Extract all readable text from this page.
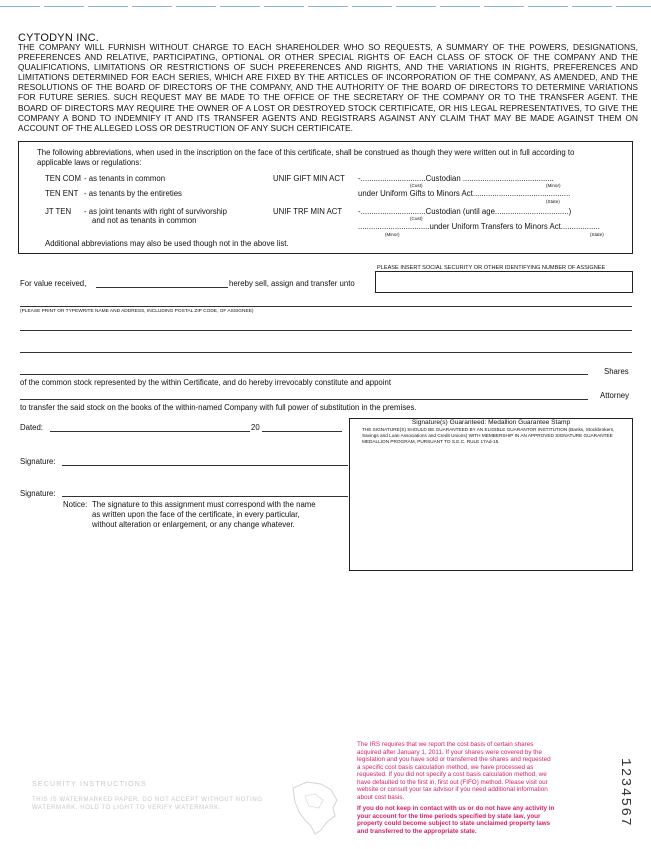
CYTODYN INC.
THE COMPANY WILL FURNISH WITHOUT CHARGE TO EACH SHAREHOLDER WHO SO REQUESTS, A SUMMARY OF THE POWERS, DESIGNATIONS, PREFERENCES AND RELATIVE, PARTICIPATING, OPTIONAL OR OTHER SPECIAL RIGHTS OF EACH CLASS OF STOCK OF THE COMPANY AND THE QUALIFICATIONS, LIMITATIONS OR RESTRICTIONS OF SUCH PREFERENCES AND RIGHTS, AND THE VARIATIONS IN RIGHTS, PREFERENCES AND LIMITATIONS DETERMINED FOR EACH SERIES, WHICH ARE FIXED BY THE ARTICLES OF INCORPORATION OF THE COMPANY, AS AMENDED, AND THE RESOLUTIONS OF THE BOARD OF DIRECTORS OF THE COMPANY, AND THE AUTHORITY OF THE BOARD OF DIRECTORS TO DETERMINE VARIATIONS FOR FUTURE SERIES. SUCH REQUEST MAY BE MADE TO THE OFFICE OF THE SECRETARY OF THE COMPANY OR TO THE TRANSFER AGENT. THE BOARD OF DIRECTORS MAY REQUIRE THE OWNER OF A LOST OR DESTROYED STOCK CERTIFICATE, OR HIS LEGAL REPRESENTATIVES, TO GIVE THE COMPANY A BOND TO INDEMNIFY IT AND ITS TRANSFER AGENTS AND REGISTRARS AGAINST ANY CLAIM THAT MAY BE MADE AGAINST THEM ON ACCOUNT OF THE ALLEGED LOSS OR DESTRUCTION OF ANY SUCH CERTIFICATE.
The following abbreviations, when used in the inscription on the face of this certificate, shall be construed as though they were written out in full according to applicable laws or regulations:
TEN COM - as tenants in common
TEN ENT - as tenants by the entireties
JT TEN - as joint tenants with right of survivorship
and not as tenants in common
UNIF GIFT MIN ACT -..............................Custodian ..........................................
(Cust)	(Minor)
under Uniform Gifts to Minors Act.............................................
(State)
UNIF TRF MIN ACT -..............................Custodian (until age..................................)
(Cust)
.................................under Uniform Transfers to Minors Act..................
(Minor)	(State)
Additional abbreviations may also be used though not in the above list.
PLEASE INSERT SOCIAL SECURITY OR OTHER IDENTIFYING NUMBER OF ASSIGNEE
For value received,	hereby sell, assign and transfer unto
(PLEASE PRINT OR TYPEWRITE NAME AND ADDRESS, INCLUDING POSTAL ZIP CODE, OF ASSIGNEE)
Shares
of the common stock represented by the within Certificate, and do hereby irrevocably constitute and appoint
Attorney
to transfer the said stock on the books of the within-named Company with full power of substitution in the premises.
Dated:	20
Signature:
Signature:
Notice: The signature to this assignment must correspond with the name
as written upon the face of the certificate, in every particular,
without alteration or enlargement, or any change whatever.
Signature(s) Guaranteed: Medallion Guarantee Stamp
THE SIGNATURE(S) SHOULD BE GUARANTEED BY AN ELIGIBLE GUARANTOR INSTITUTION (Banks, Stockbrokers, Savings and Loan Associations and Credit Unions) WITH MEMBERSHIP IN AN APPROVED SIGNATURE GUARANTEE MEDALLION PROGRAM, PURSUANT TO S.E.C. RULE 17Ad-15.
SECURITY INSTRUCTIONS
THIS IS WATERMARKED PAPER. DO NOT ACCEPT WITHOUT NOTING WATERMARK. HOLD TO LIGHT TO VERIFY WATERMARK.
The IRS requires that we report the cost basis of certain shares acquired after January 1, 2011. If your shares were covered by the legislation and you have sold or transferred the shares and requested a specific cost basis calculation method, we have processed as requested. If you did not specify a cost basis calculation method, we have defaulted to the first in, first out (FIFO) method. Please visit our website or consult your tax advisor if you need additional information about cost basis.
If you do not keep in contact with us or do not have any activity in your account for the time periods specified by state law, your property could become subject to state unclaimed property laws and transferred to the appropriate state.
1234567
